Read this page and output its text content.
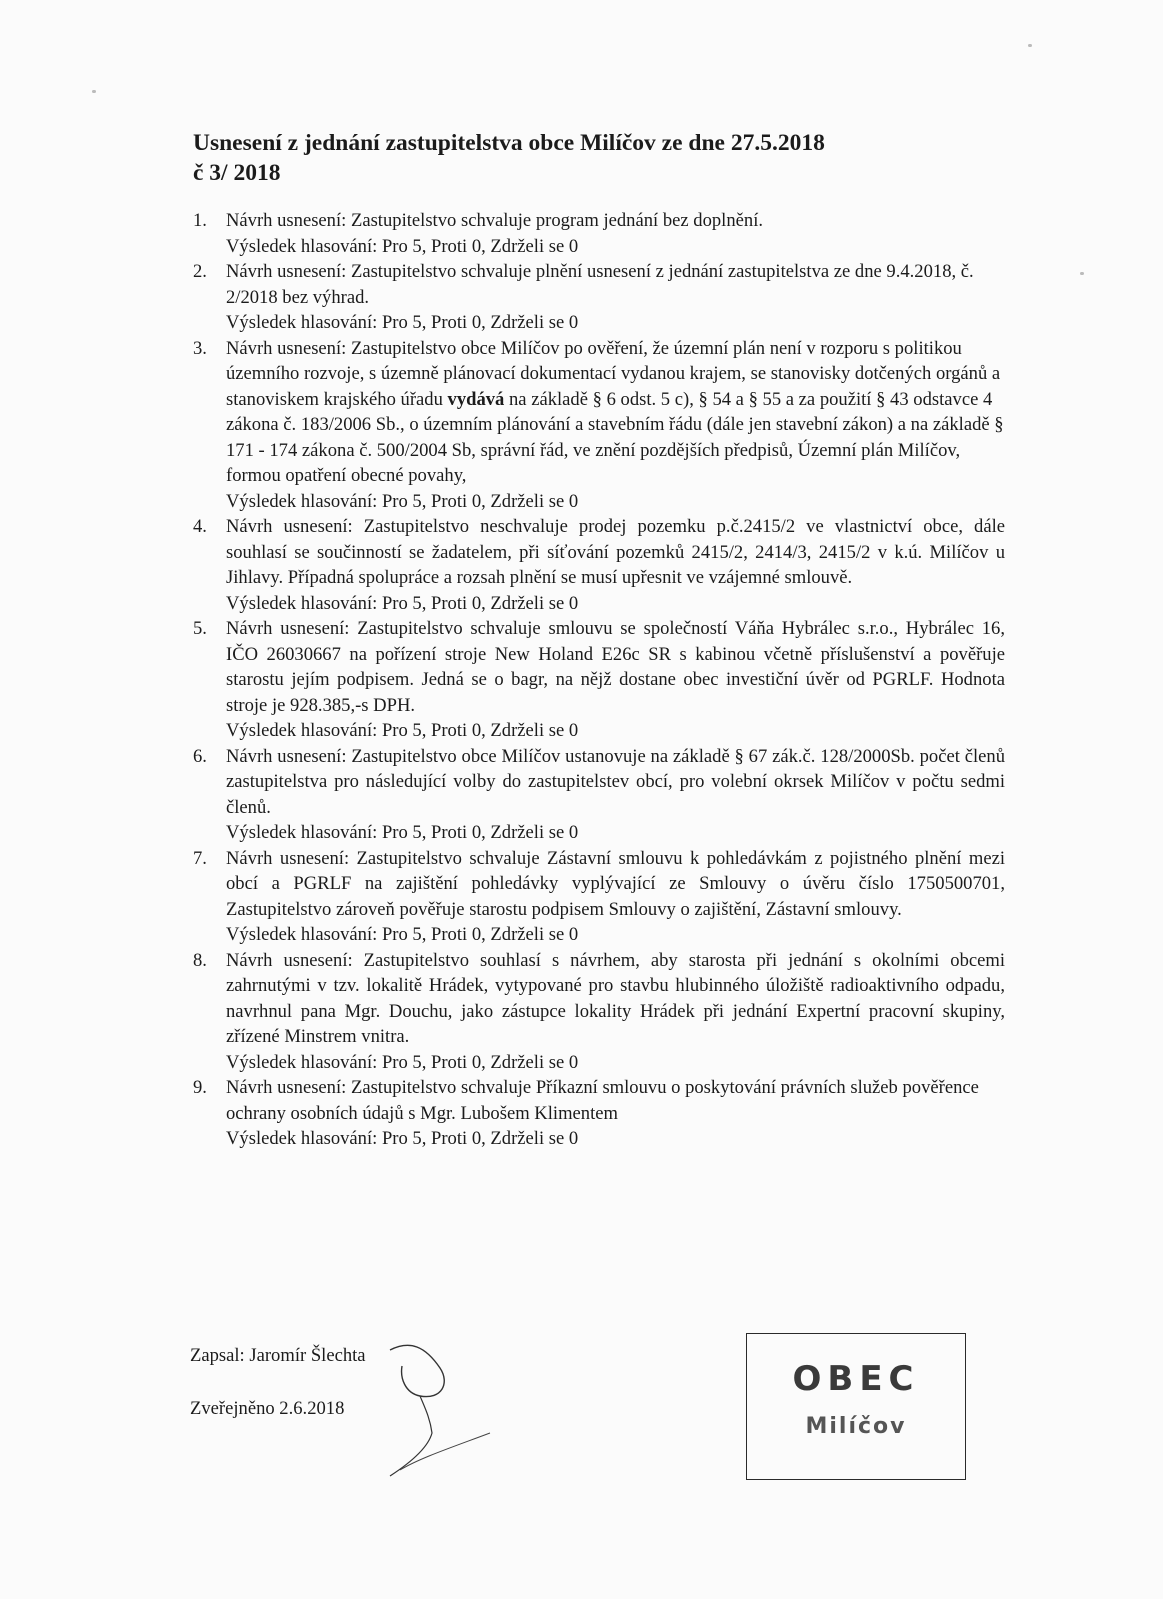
Usnesení z jednání zastupitelstva obce Milíčov ze dne 27.5.2018
č 3/ 2018
1. Návrh usnesení: Zastupitelstvo schvaluje program jednání bez doplnění.
Výsledek hlasování: Pro 5, Proti 0, Zdrželi se 0
2. Návrh usnesení: Zastupitelstvo schvaluje plnění usnesení z jednání zastupitelstva ze dne 9.4.2018, č. 2/2018 bez výhrad.
Výsledek hlasování: Pro 5, Proti 0, Zdrželi se 0
3. Návrh usnesení: Zastupitelstvo obce Milíčov po ověření, že územní plán není v rozporu s politikou územního rozvoje, s územně plánovací dokumentací vydanou krajem, se stanovisky dotčených orgánů a stanoviskem krajského úřadu vydává na základě § 6 odst. 5 c), § 54 a § 55 a za použití § 43 odstavce 4 zákona č. 183/2006 Sb., o územním plánování a stavebním řádu (dále jen stavební zákon) a na základě § 171 - 174 zákona č. 500/2004 Sb, správní řád, ve znění pozdějších předpisů, Územní plán Milíčov, formou opatření obecné povahy,
Výsledek hlasování: Pro 5, Proti 0, Zdrželi se 0
4. Návrh usnesení: Zastupitelstvo neschvaluje prodej pozemku p.č.2415/2 ve vlastnictví obce, dále souhlasí se součinností se žadatelem, při síťování pozemků 2415/2, 2414/3, 2415/2 v k.ú. Milíčov u Jihlavy. Případná spolupráce a rozsah plnění se musí upřesnit ve vzájemné smlouvě.
Výsledek hlasování: Pro 5, Proti 0, Zdrželi se 0
5. Návrh usnesení: Zastupitelstvo schvaluje smlouvu se společností Váňa Hybrálec s.r.o., Hybrálec 16, IČO 26030667 na pořízení stroje New Holand E26c SR s kabinou včetně příslušenství a pověřuje starostu jejím podpisem. Jedná se o bagr, na nějž dostane obec investiční úvěr od PGRLF. Hodnota stroje je 928.385,-s DPH.
Výsledek hlasování: Pro 5, Proti 0, Zdrželi se 0
6. Návrh usnesení: Zastupitelstvo obce Milíčov ustanovuje na základě § 67 zák.č. 128/2000Sb. počet členů zastupitelstva pro následující volby do zastupitelstev obcí, pro volební okrsek Milíčov v počtu sedmi členů.
Výsledek hlasování: Pro 5, Proti 0, Zdrželi se 0
7. Návrh usnesení: Zastupitelstvo schvaluje Zástavní smlouvu k pohledávkám z pojistného plnění mezi obcí a PGRLF na zajištění pohledávky vyplývající ze Smlouvy o úvěru číslo 1750500701, Zastupitelstvo zároveň pověřuje starostu podpisem Smlouvy o zajištění, Zástavní smlouvy.
Výsledek hlasování: Pro 5, Proti 0, Zdrželi se 0
8. Návrh usnesení: Zastupitelstvo souhlasí s návrhem, aby starosta při jednání s okolními obcemi zahrnutými v tzv. lokalitě Hrádek, vytypované pro stavbu hlubinného úložiště radioaktivního odpadu, navrhnul pana Mgr. Douchu, jako zástupce lokality Hrádek při jednání Expertní pracovní skupiny, zřízené Minstrem vnitra.
Výsledek hlasování: Pro 5, Proti 0, Zdrželi se 0
9. Návrh usnesení: Zastupitelstvo schvaluje Příkazní smlouvu o poskytování právních služeb pověřence ochrany osobních údajů s Mgr. Lubošem Klimentem
Výsledek hlasování: Pro 5, Proti 0, Zdrželi se 0
Zapsal: Jaromír Šlechta
Zveřejněno 2.6.2018
OBEC
Milíčov
